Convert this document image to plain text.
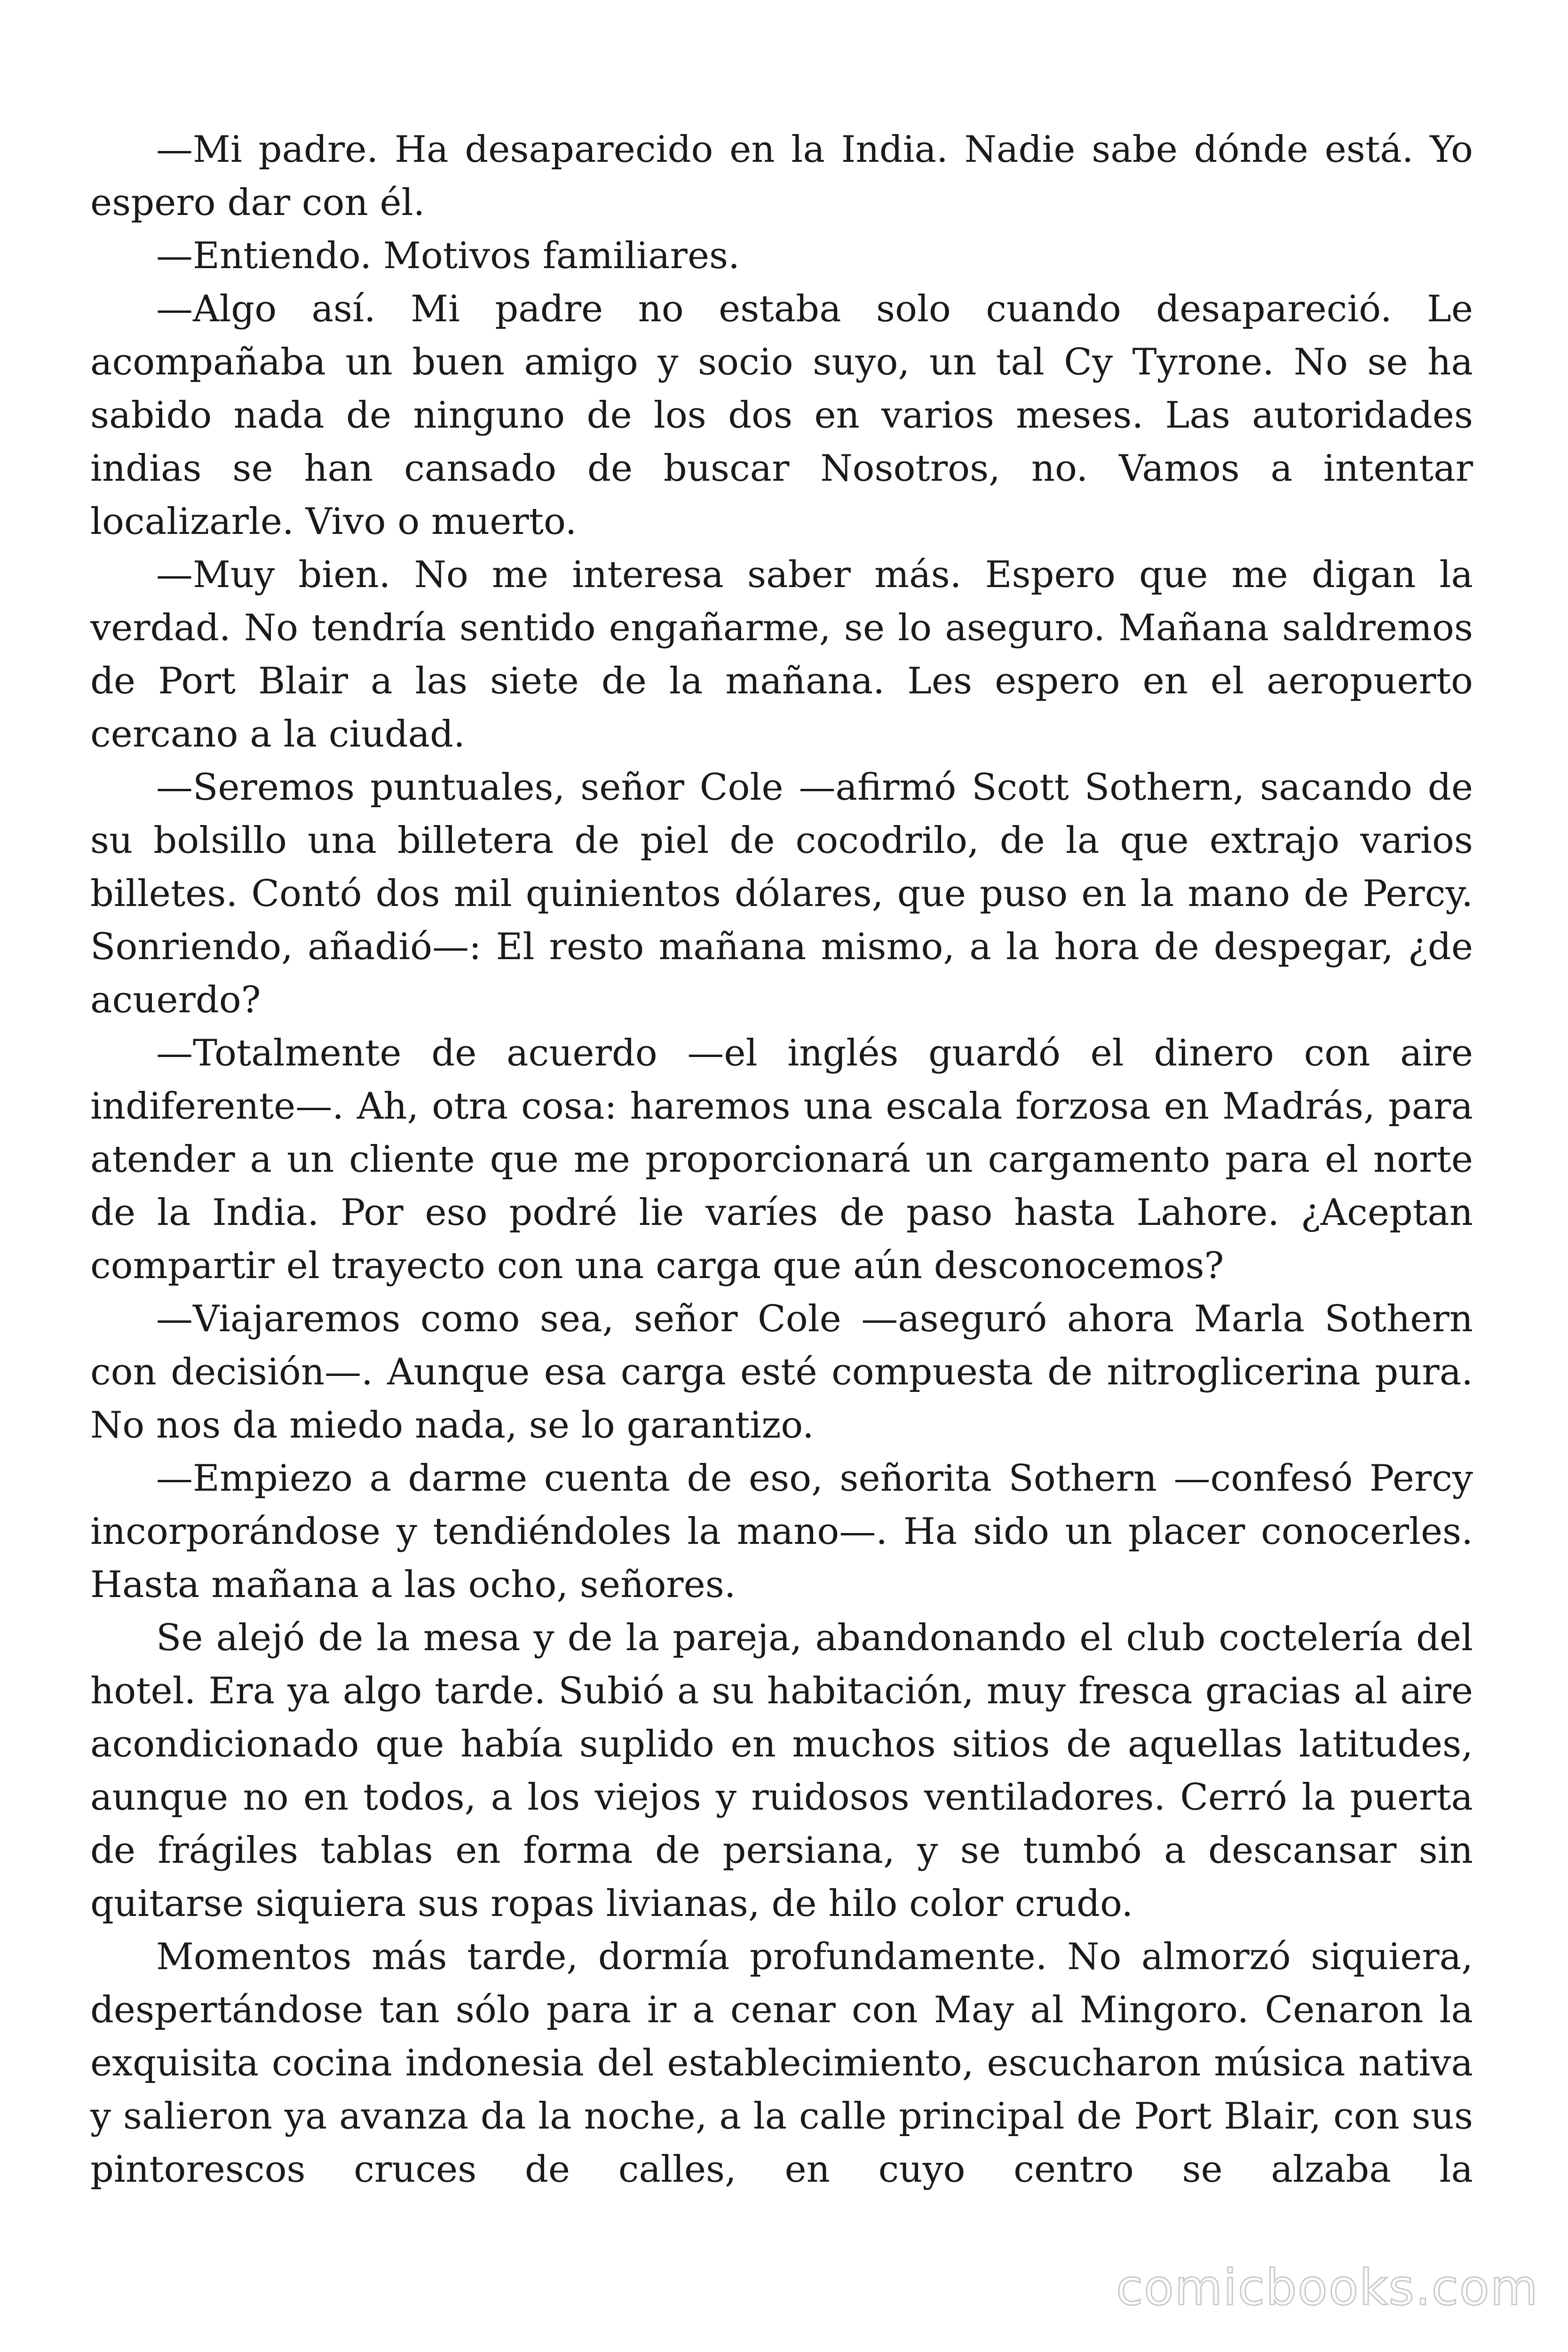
—Mi padre. Ha desaparecido en la India. Nadie sabe dónde está. Yo espero dar con él.

—Entiendo. Motivos familiares.

—Algo así. Mi padre no estaba solo cuando desapareció. Le acompañaba un buen amigo y socio suyo, un tal Cy Tyrone. No se ha sabido nada de ninguno de los dos en varios meses. Las autoridades indias se han cansado de buscar Nosotros, no. Vamos a intentar localizarle. Vivo o muerto.

—Muy bien. No me interesa saber más. Espero que me digan la verdad. No tendría sentido engañarme, se lo aseguro. Mañana saldremos de Port Blair a las siete de la mañana. Les espero en el aeropuerto cercano a la ciudad.

—Seremos puntuales, señor Cole —afirmó Scott Sothern, sacando de su bolsillo una billetera de piel de cocodrilo, de la que extrajo varios billetes. Contó dos mil quinientos dólares, que puso en la mano de Percy. Sonriendo, añadió—: El resto mañana mismo, a la hora de despegar, ¿de acuerdo?

—Totalmente de acuerdo —el inglés guardó el dinero con aire indiferente—. Ah, otra cosa: haremos una escala forzosa en Madrás, para atender a un cliente que me proporcionará un cargamento para el norte de la India. Por eso podré lie varíes de paso hasta Lahore. ¿Aceptan compartir el trayecto con una carga que aún desconocemos?

—Viajaremos como sea, señor Cole —aseguró ahora Marla Sothern con decisión—. Aunque esa carga esté compuesta de nitroglicerina pura. No nos da miedo nada, se lo garantizo.

—Empiezo a darme cuenta de eso, señorita Sothern —confesó Percy incorporándose y tendiéndoles la mano—. Ha sido un placer conocerles. Hasta mañana a las ocho, señores.

Se alejó de la mesa y de la pareja, abandonando el club coctelería del hotel. Era ya algo tarde. Subió a su habitación, muy fresca gracias al aire acondicionado que había suplido en muchos sitios de aquellas latitudes, aunque no en todos, a los viejos y ruidosos ventiladores. Cerró la puerta de frágiles tablas en forma de persiana, y se tumbó a descansar sin quitarse siquiera sus ropas livianas, de hilo color crudo.

Momentos más tarde, dormía profundamente. No almorzó siquiera, despertándose tan sólo para ir a cenar con May al Mingoro. Cenaron la exquisita cocina indonesia del establecimiento, escucharon música nativa y salieron ya avanza da la noche, a la calle principal de Port Blair, con sus pintorescos cruces de calles, en cuyo centro se alzaba la

comicbooks.com
